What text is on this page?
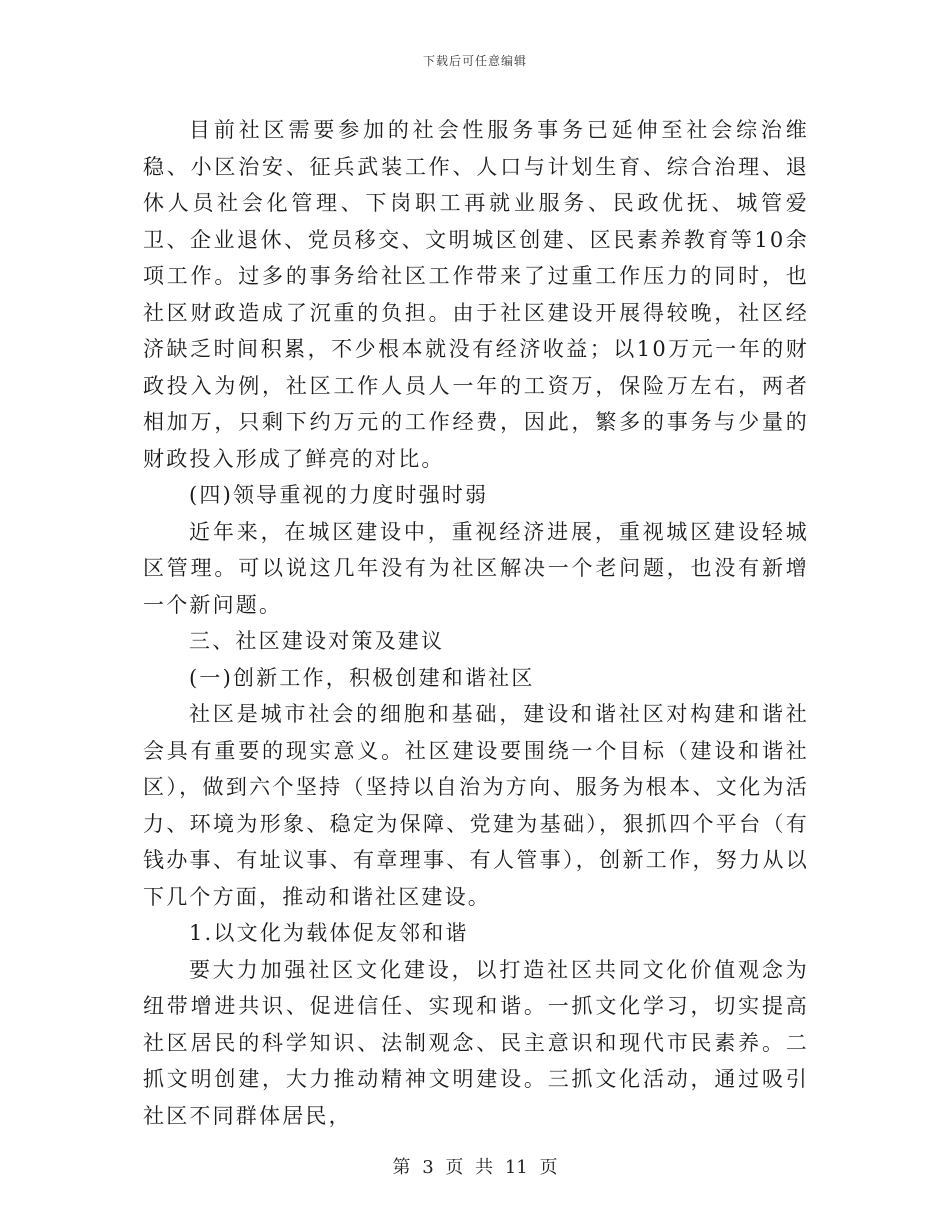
下载后可任意编辑

目前社区需要参加的社会性服务事务已延伸至社会综治维稳、小区治安、征兵武装工作、人口与计划生育、综合治理、退休人员社会化管理、下岗职工再就业服务、民政优抚、城管爱卫、企业退休、党员移交、文明城区创建、区民素养教育等10余项工作。过多的事务给社区工作带来了过重工作压力的同时，也社区财政造成了沉重的负担。由于社区建设开展得较晚，社区经济缺乏时间积累，不少根本就没有经济收益；以10万元一年的财政投入为例，社区工作人员人一年的工资万，保险万左右，两者相加万，只剩下约万元的工作经费，因此，繁多的事务与少量的财政投入形成了鲜亮的对比。

(四)领导重视的力度时强时弱

近年来，在城区建设中，重视经济进展，重视城区建设轻城区管理。可以说这几年没有为社区解决一个老问题，也没有新增一个新问题。

三、社区建设对策及建议

(一)创新工作，积极创建和谐社区

社区是城市社会的细胞和基础，建设和谐社区对构建和谐社会具有重要的现实意义。社区建设要围绕一个目标（建设和谐社区），做到六个坚持（坚持以自治为方向、服务为根本、文化为活力、环境为形象、稳定为保障、党建为基础），狠抓四个平台（有钱办事、有址议事、有章理事、有人管事），创新工作，努力从以下几个方面，推动和谐社区建设。

1.以文化为载体促友邻和谐

要大力加强社区文化建设，以打造社区共同文化价值观念为纽带增进共识、促进信任、实现和谐。一抓文化学习，切实提高社区居民的科学知识、法制观念、民主意识和现代市民素养。二抓文明创建，大力推动精神文明建设。三抓文化活动，通过吸引社区不同群体居民，

第 3 页 共 11 页
